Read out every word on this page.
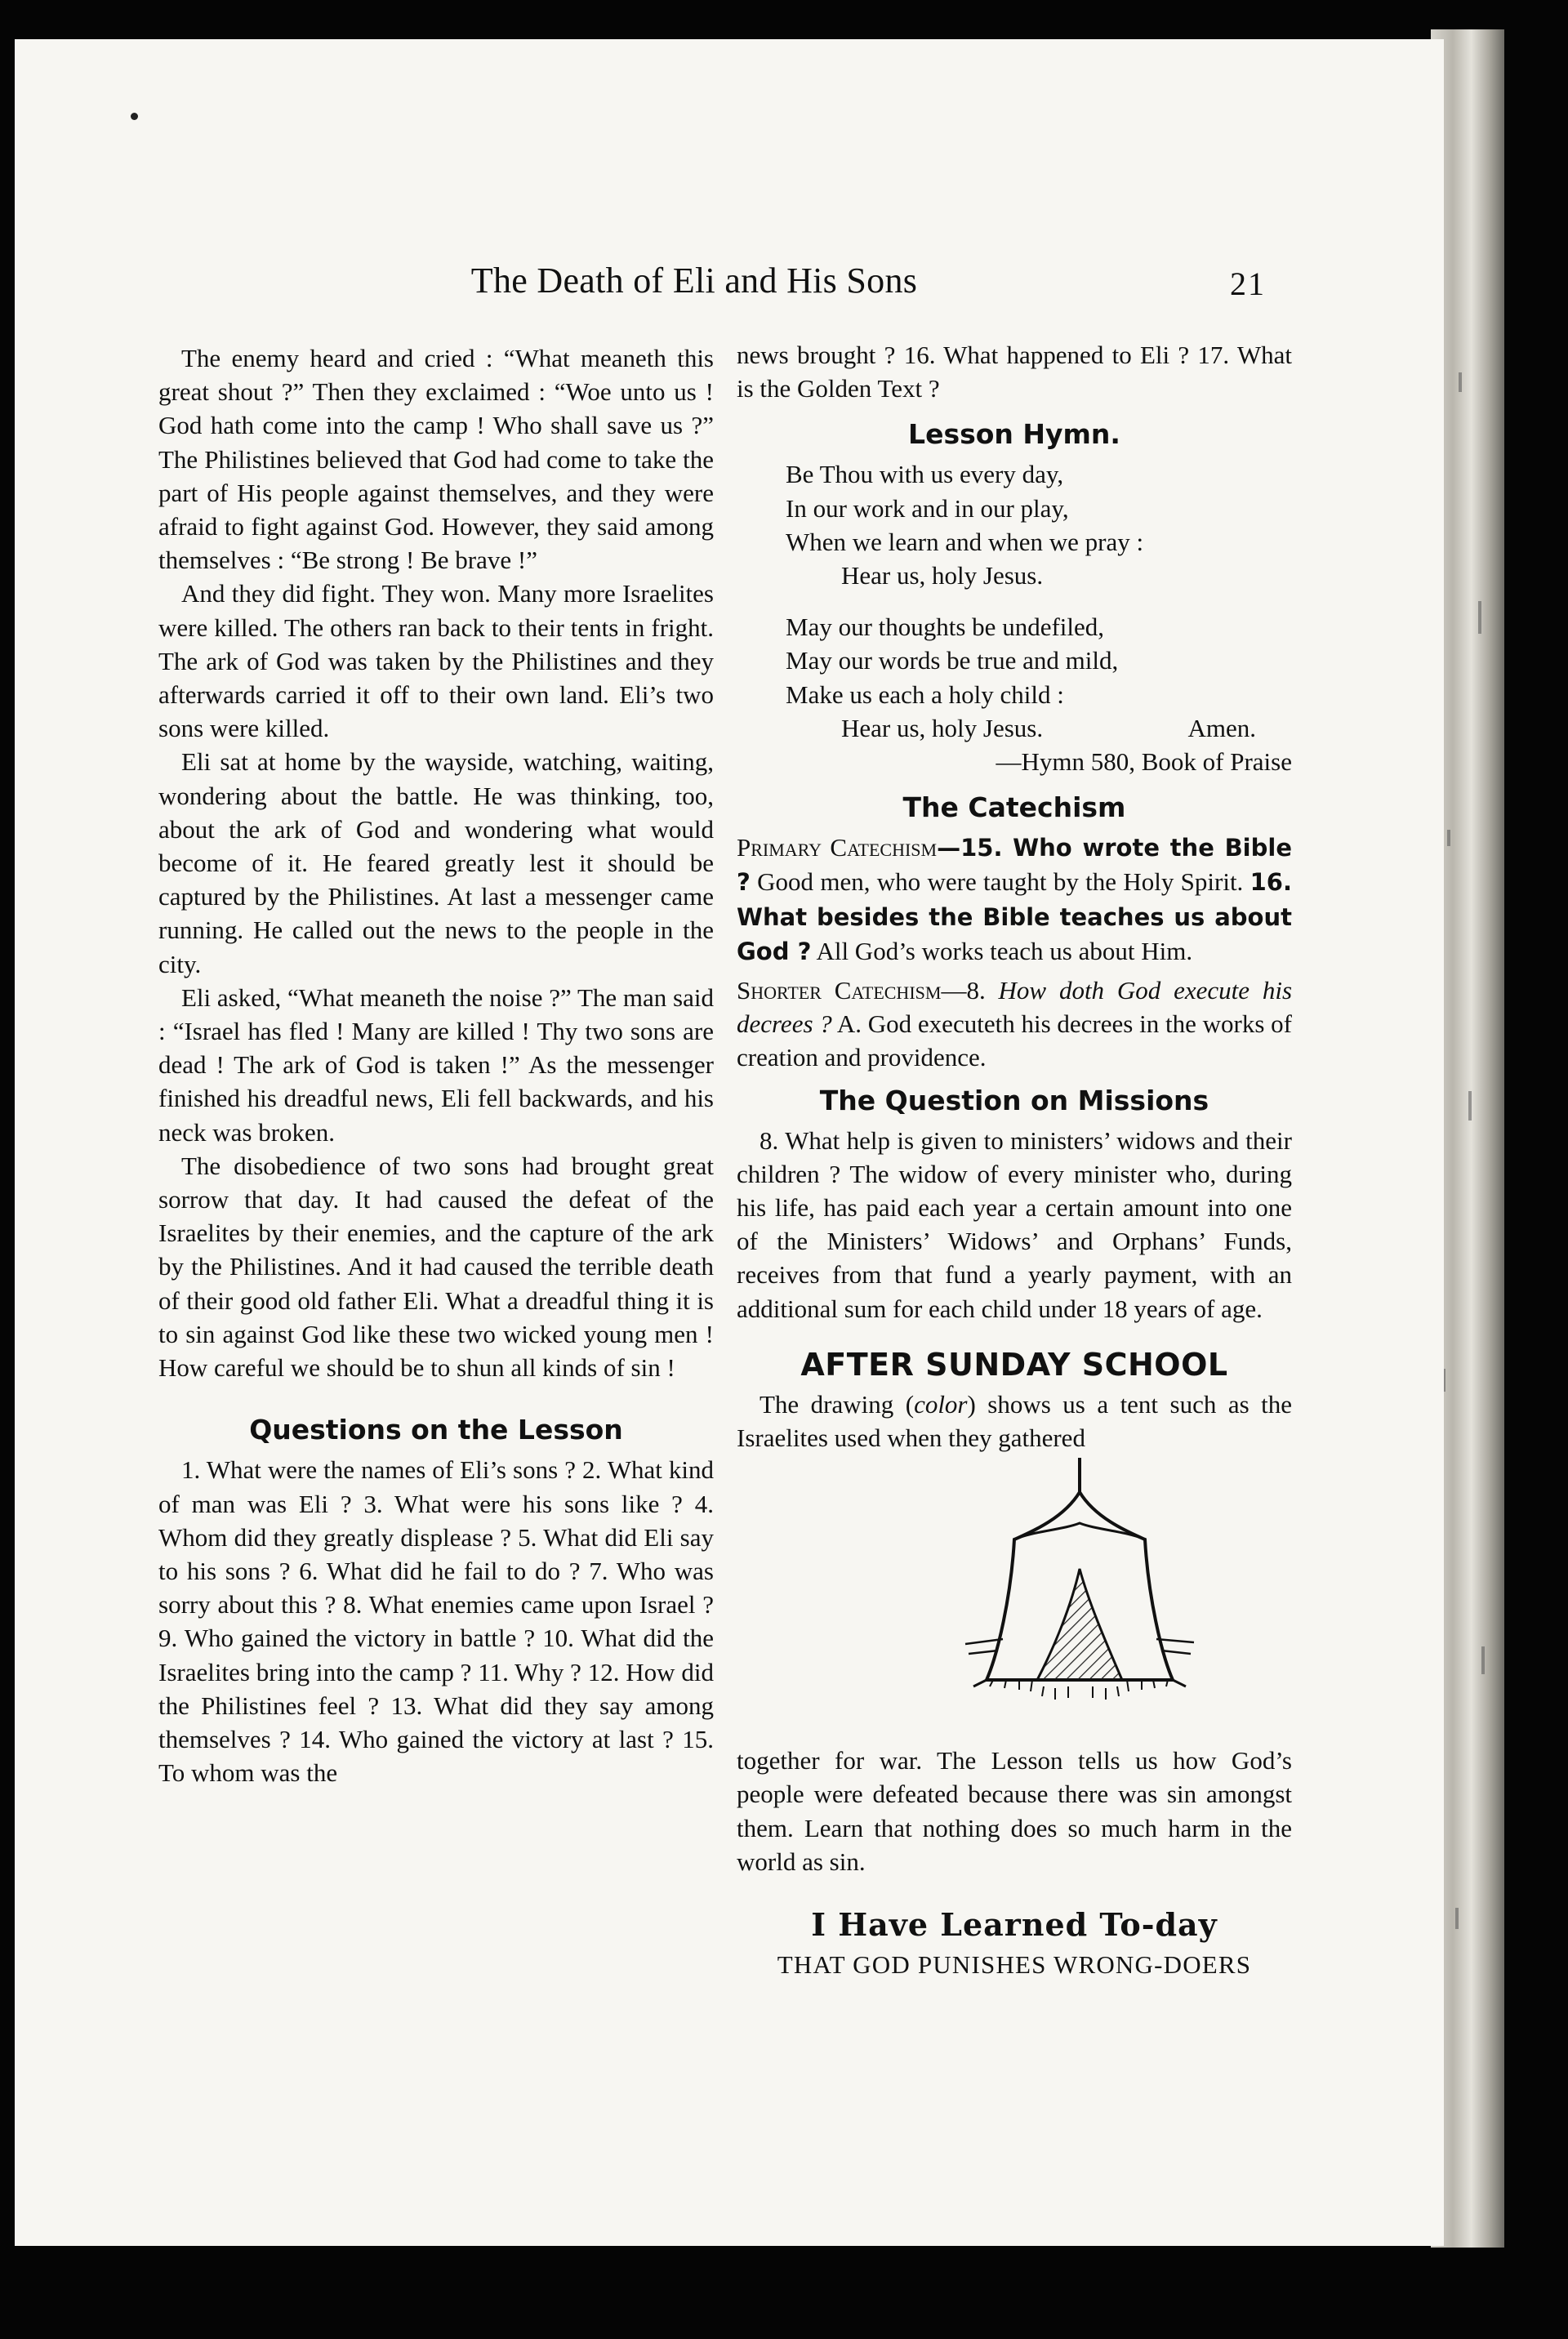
The Death of Eli and His Sons	21

The enemy heard and cried : “What meaneth this great shout ?” Then they exclaimed : “Woe unto us ! God hath come into the camp ! Who shall save us ?” The Philistines believed that God had come to take the part of His people against themselves, and they were afraid to fight against God. However, they said among themselves : “Be strong ! Be brave !”

And they did fight. They won. Many more Israelites were killed. The others ran back to their tents in fright. The ark of God was taken by the Philistines and they afterwards carried it off to their own land. Eli’s two sons were killed.

Eli sat at home by the wayside, watching, waiting, wondering about the battle. He was thinking, too, about the ark of God and wondering what would become of it. He feared greatly lest it should be captured by the Philistines. At last a messenger came running. He called out the news to the people in the city.

Eli asked, “What meaneth the noise ?” The man said : “Israel has fled ! Many are killed ! Thy two sons are dead ! The ark of God is taken !” As the messenger finished his dreadful news, Eli fell backwards, and his neck was broken.

The disobedience of two sons had brought great sorrow that day. It had caused the defeat of the Israelites by their enemies, and the capture of the ark by the Philistines. And it had caused the terrible death of their good old father Eli. What a dreadful thing it is to sin against God like these two wicked young men ! How careful we should be to shun all kinds of sin !

Questions on the Lesson

1. What were the names of Eli’s sons ? 2. What kind of man was Eli ? 3. What were his sons like ? 4. Whom did they greatly displease ? 5. What did Eli say to his sons ? 6. What did he fail to do ? 7. Who was sorry about this ? 8. What enemies came upon Israel ? 9. Who gained the victory in battle ? 10. What did the Israelites bring into the camp ? 11. Why ? 12. How did the Philistines feel ? 13. What did they say among themselves ? 14. Who gained the victory at last ? 15. To whom was the

news brought ? 16. What happened to Eli ? 17. What is the Golden Text ?

Lesson Hymn.
Be Thou with us every day,
In our work and in our play,
When we learn and when we pray :
Hear us, holy Jesus.
May our thoughts be undefiled,
May our words be true and mild,
Make us each a holy child :
Hear us, holy Jesus.	Amen.
—Hymn 580, Book of Praise
The Catechism

Primary Catechism—15. Who wrote the Bible ? Good men, who were taught by the Holy Spirit. 16. What besides the Bible teaches us about God ? All God’s works teach us about Him.

Shorter Catechism—8. How doth God execute his decrees ? A. God executeth his decrees in the works of creation and providence.

The Question on Missions

8. What help is given to ministers’ widows and their children ? The widow of every minister who, during his life, has paid each year a certain amount into one of the Ministers’ Widows’ and Orphans’ Funds, receives from that fund a yearly payment, with an additional sum for each child under 18 years of age.

AFTER SUNDAY SCHOOL

The drawing (color) shows us a tent such as the Israelites used when they gathered

together for war. The Lesson tells us how God’s people were defeated because there was sin amongst them. Learn that nothing does so much harm in the world as sin.

I Have Learned To-day
THAT GOD PUNISHES WRONG-DOERS
